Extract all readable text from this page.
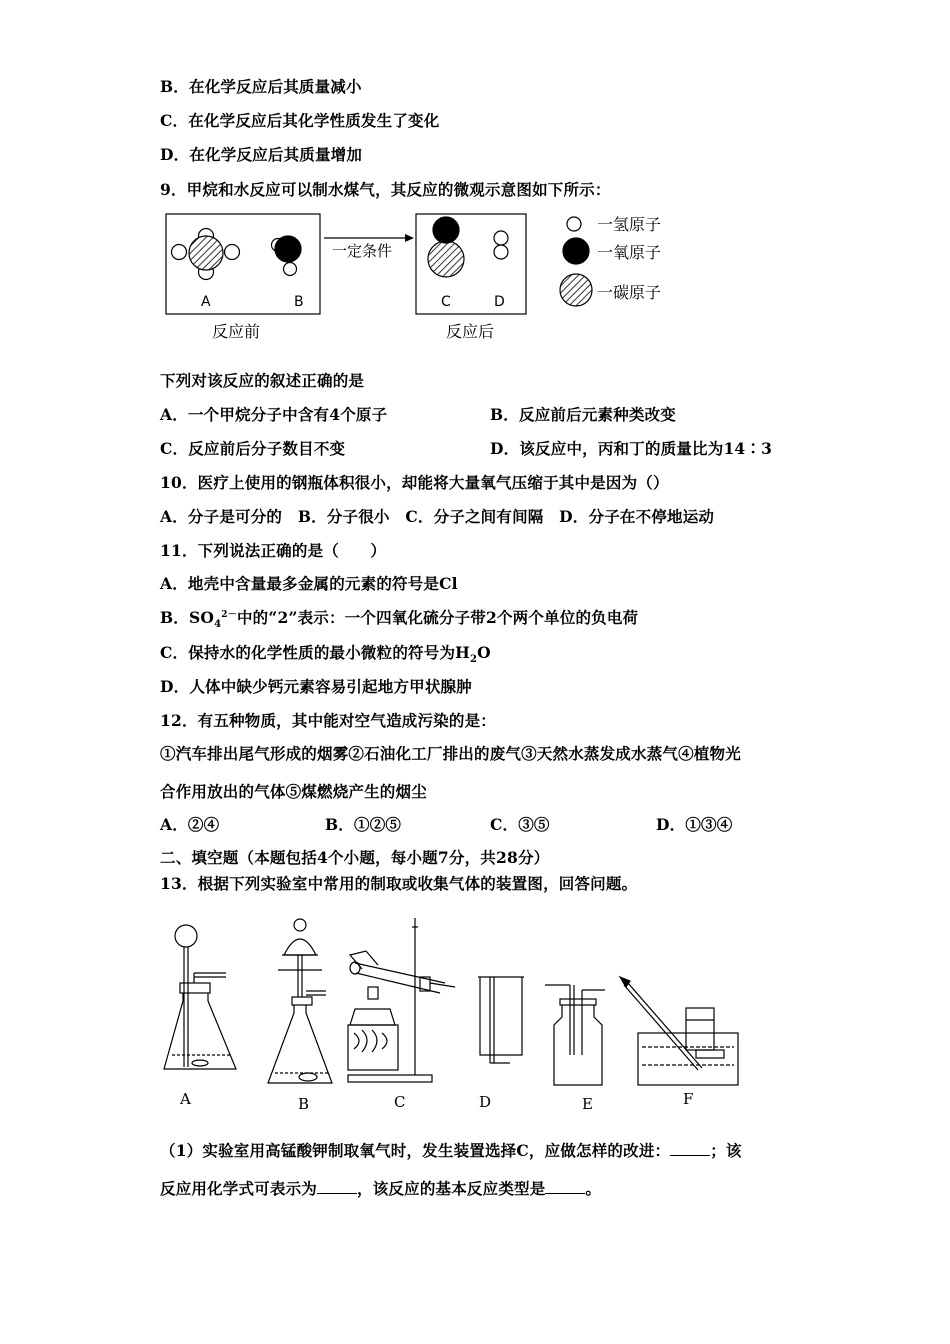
B．在化学反应后其质量减小
C．在化学反应后其化学性质发生了变化
D．在化学反应后其质量增加
9．甲烷和水反应可以制水煤气，其反应的微观示意图如下所示：
A	B
反应前
一定条件
C	D
反应后
一氢原子
一氧原子
一碳原子
下列对该反应的叙述正确的是
A．一个甲烷分子中含有4个原子	B．反应前后元素种类改变
C．反应前后分子数目不变	D．该反应中，丙和丁的质量比为14∶3
10．医疗上使用的钢瓶体积很小，却能将大量氧气压缩于其中是因为（）
A．分子是可分的　B．分子很小　C．分子之间有间隔　D．分子在不停地运动
11．下列说法正确的是（　　）
A．地壳中含量最多金属的元素的符号是Cl
B．$SO_4^{2-}$中的“2”表示：一个四氧化硫分子带2个两个单位的负电荷
C．保持水的化学性质的最小微粒的符号为$H_2O$
D．人体中缺少钙元素容易引起地方甲状腺肿
12．有五种物质，其中能对空气造成污染的是：
①汽车排出尾气形成的烟雾②石油化工厂排出的废气③天然水蒸发成水蒸气④植物光
合作用放出的气体⑤煤燃烧产生的烟尘
A．②④	B．①②⑤	C．③⑤	D．①③④
二、填空题（本题包括4个小题，每小题7分，共28分）
13．根据下列实验室中常用的制取或收集气体的装置图，回答问题。
A	B	C	D	E	F
（1）实验室用高锰酸钾制取氧气时，发生装置选择C，应做怎样的改进：	；该
反应用化学式可表示为	，该反应的基本反应类型是	。
